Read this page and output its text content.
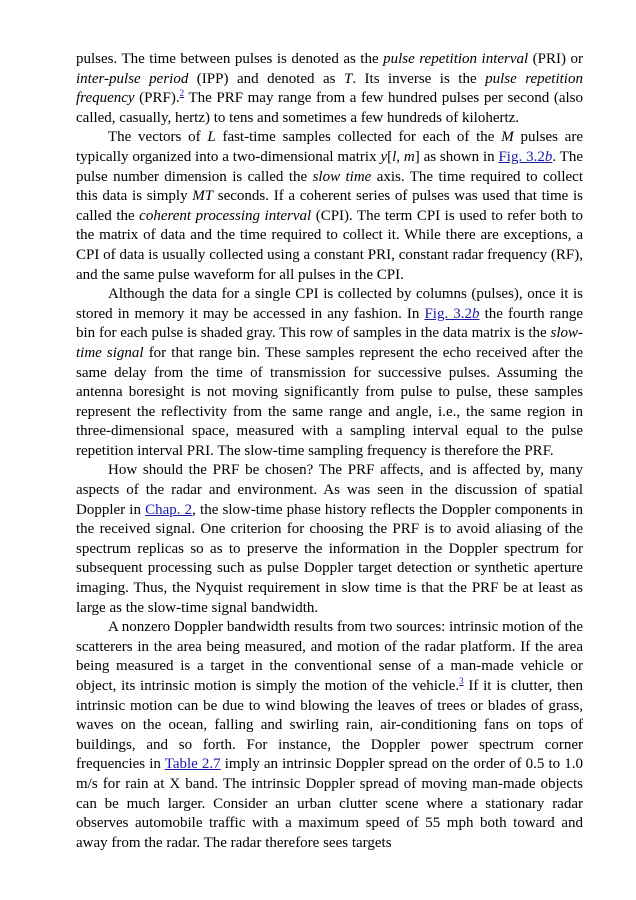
pulses. The time between pulses is denoted as the pulse repetition interval (PRI) or inter-pulse period (IPP) and denoted as T. Its inverse is the pulse repetition frequency (PRF).$^2$ The PRF may range from a few hundred pulses per second (also called, casually, hertz) to tens and sometimes a few hundreds of kilohertz.

The vectors of L fast-time samples collected for each of the M pulses are typically organized into a two-dimensional matrix y[l, m] as shown in Fig. 3.2b. The pulse number dimension is called the slow time axis. The time required to collect this data is simply MT seconds. If a coherent series of pulses was used that time is called the coherent processing interval (CPI). The term CPI is used to refer both to the matrix of data and the time required to collect it. While there are exceptions, a CPI of data is usually collected using a constant PRI, constant radar frequency (RF), and the same pulse waveform for all pulses in the CPI.

Although the data for a single CPI is collected by columns (pulses), once it is stored in memory it may be accessed in any fashion. In Fig. 3.2b the fourth range bin for each pulse is shaded gray. This row of samples in the data matrix is the slow-time signal for that range bin. These samples represent the echo received after the same delay from the time of transmission for successive pulses. Assuming the antenna boresight is not moving significantly from pulse to pulse, these samples represent the reflectivity from the same range and angle, i.e., the same region in three-dimensional space, measured with a sampling interval equal to the pulse repetition interval PRI. The slow-time sampling frequency is therefore the PRF.

How should the PRF be chosen? The PRF affects, and is affected by, many aspects of the radar and environment. As was seen in the discussion of spatial Doppler in Chap. 2, the slow-time phase history reflects the Doppler components in the received signal. One criterion for choosing the PRF is to avoid aliasing of the spectrum replicas so as to preserve the information in the Doppler spectrum for subsequent processing such as pulse Doppler target detection or synthetic aperture imaging. Thus, the Nyquist requirement in slow time is that the PRF be at least as large as the slow-time signal bandwidth.

A nonzero Doppler bandwidth results from two sources: intrinsic motion of the scatterers in the area being measured, and motion of the radar platform. If the area being measured is a target in the conventional sense of a man-made vehicle or object, its intrinsic motion is simply the motion of the vehicle.$^3$ If it is clutter, then intrinsic motion can be due to wind blowing the leaves of trees or blades of grass, waves on the ocean, falling and swirling rain, air-conditioning fans on tops of buildings, and so forth. For instance, the Doppler power spectrum corner frequencies in Table 2.7 imply an intrinsic Doppler spread on the order of 0.5 to 1.0 m/s for rain at X band. The intrinsic Doppler spread of moving man-made objects can be much larger. Consider an urban clutter scene where a stationary radar observes automobile traffic with a maximum speed of 55 mph both toward and away from the radar. The radar therefore sees targets
